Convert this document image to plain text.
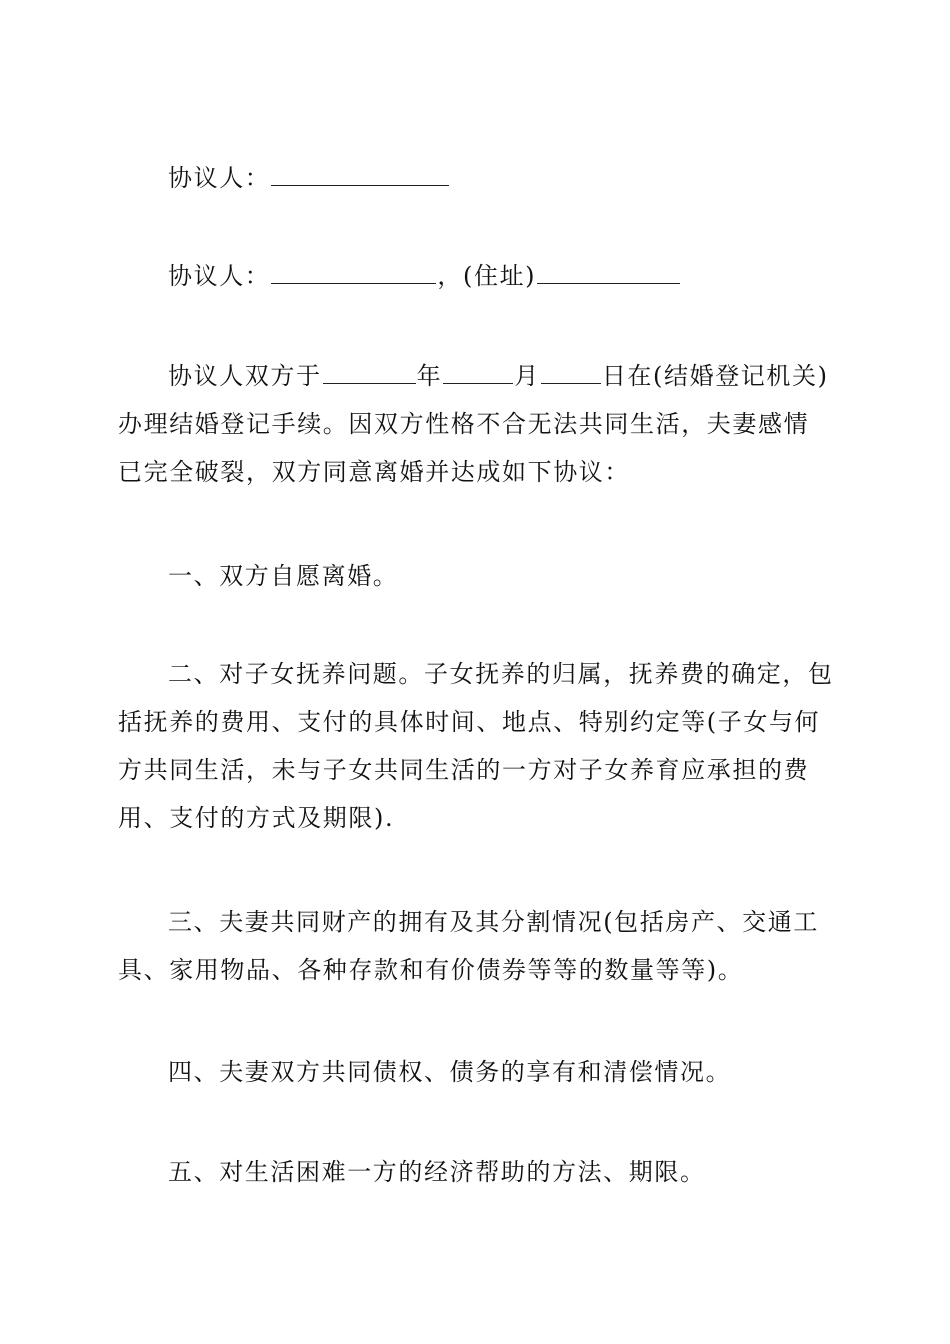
协议人：

协议人：	，(住址)

协议人双方于	年	月	日在(结婚登记机关)办理结婚登记手续。因双方性格不合无法共同生活，夫妻感情已完全破裂，双方同意离婚并达成如下协议：

一、双方自愿离婚。

二、对子女抚养问题。子女抚养的归属，抚养费的确定，包括抚养的费用、支付的具体时间、地点、特别约定等(子女与何方共同生活，未与子女共同生活的一方对子女养育应承担的费用、支付的方式及期限).

三、夫妻共同财产的拥有及其分割情况(包括房产、交通工具、家用物品、各种存款和有价债券等等的数量等等)。

四、夫妻双方共同债权、债务的享有和清偿情况。

五、对生活困难一方的经济帮助的方法、期限。
